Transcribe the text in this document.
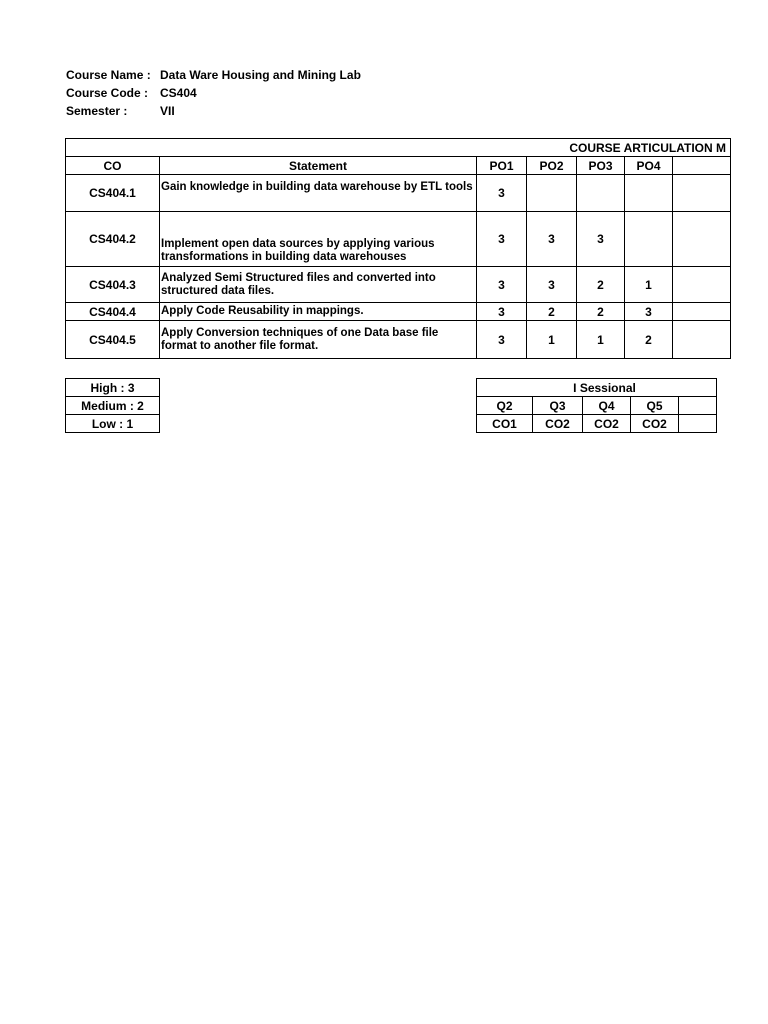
Course Name : Data Ware Housing and Mining Lab
Course Code : CS404
Semester :	VII
COURSE ARTICULATION M						
CO	Statement	PO1	PO2	PO3	PO4	
CS404.1	Gain knowledge in building data warehouse by ETL tools	3				
CS404.2	Implement open data sources by applying various transformations in building data warehouses	3	3	3		
CS404.3	Analyzed Semi Structured files and converted into structured data files.	3	3	2	1	
CS404.4	Apply Code Reusability in mappings.	3	2	2	3	
CS404.5	Apply Conversion techniques of one Data base file format to another file format.	3	1	1	2	
High : 3
Medium : 2
Low : 1
I Sessional				
Q2	Q3	Q4	Q5	
CO1	CO2	CO2	CO2	
